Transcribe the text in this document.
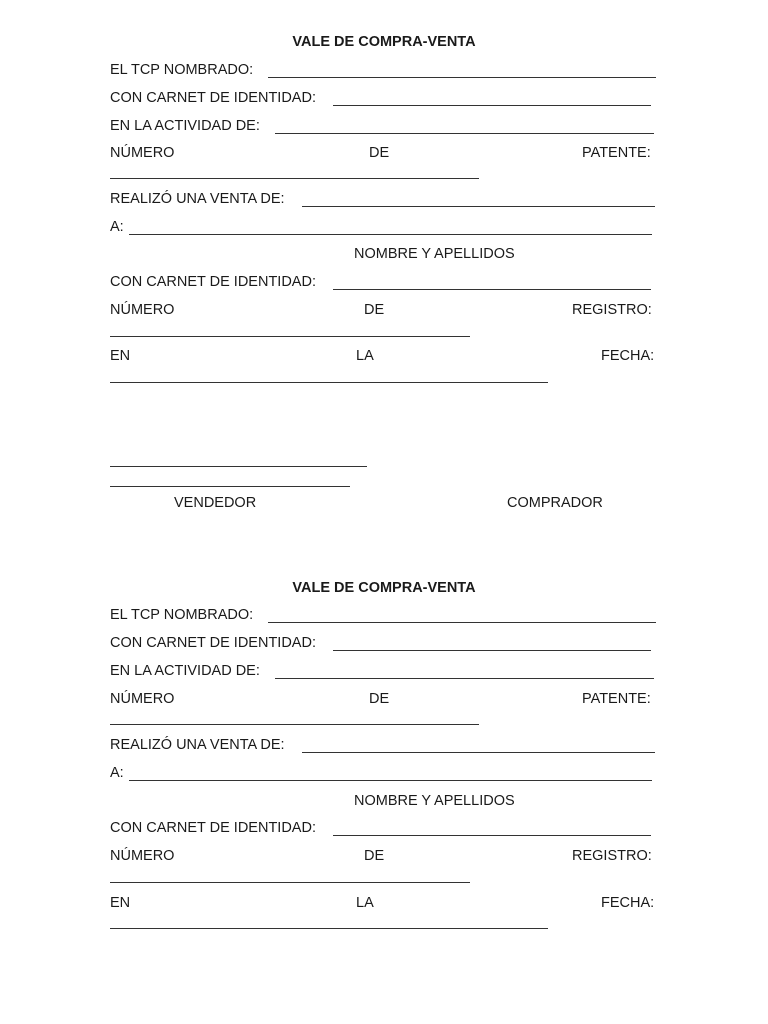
VALE DE COMPRA-VENTA
EL TCP NOMBRADO:
CON CARNET DE IDENTIDAD:
EN LA ACTIVIDAD DE:
NÚMERO	DE	PATENTE:
REALIZÓ UNA VENTA DE:
A:
NOMBRE Y APELLIDOS
CON CARNET DE IDENTIDAD:
NÚMERO	DE	REGISTRO:
EN	LA	FECHA:
VENDEDOR	COMPRADOR
VALE DE COMPRA-VENTA
EL TCP NOMBRADO:
CON CARNET DE IDENTIDAD:
EN LA ACTIVIDAD DE:
NÚMERO	DE	PATENTE:
REALIZÓ UNA VENTA DE:
A:
NOMBRE Y APELLIDOS
CON CARNET DE IDENTIDAD:
NÚMERO	DE	REGISTRO:
EN	LA	FECHA:
